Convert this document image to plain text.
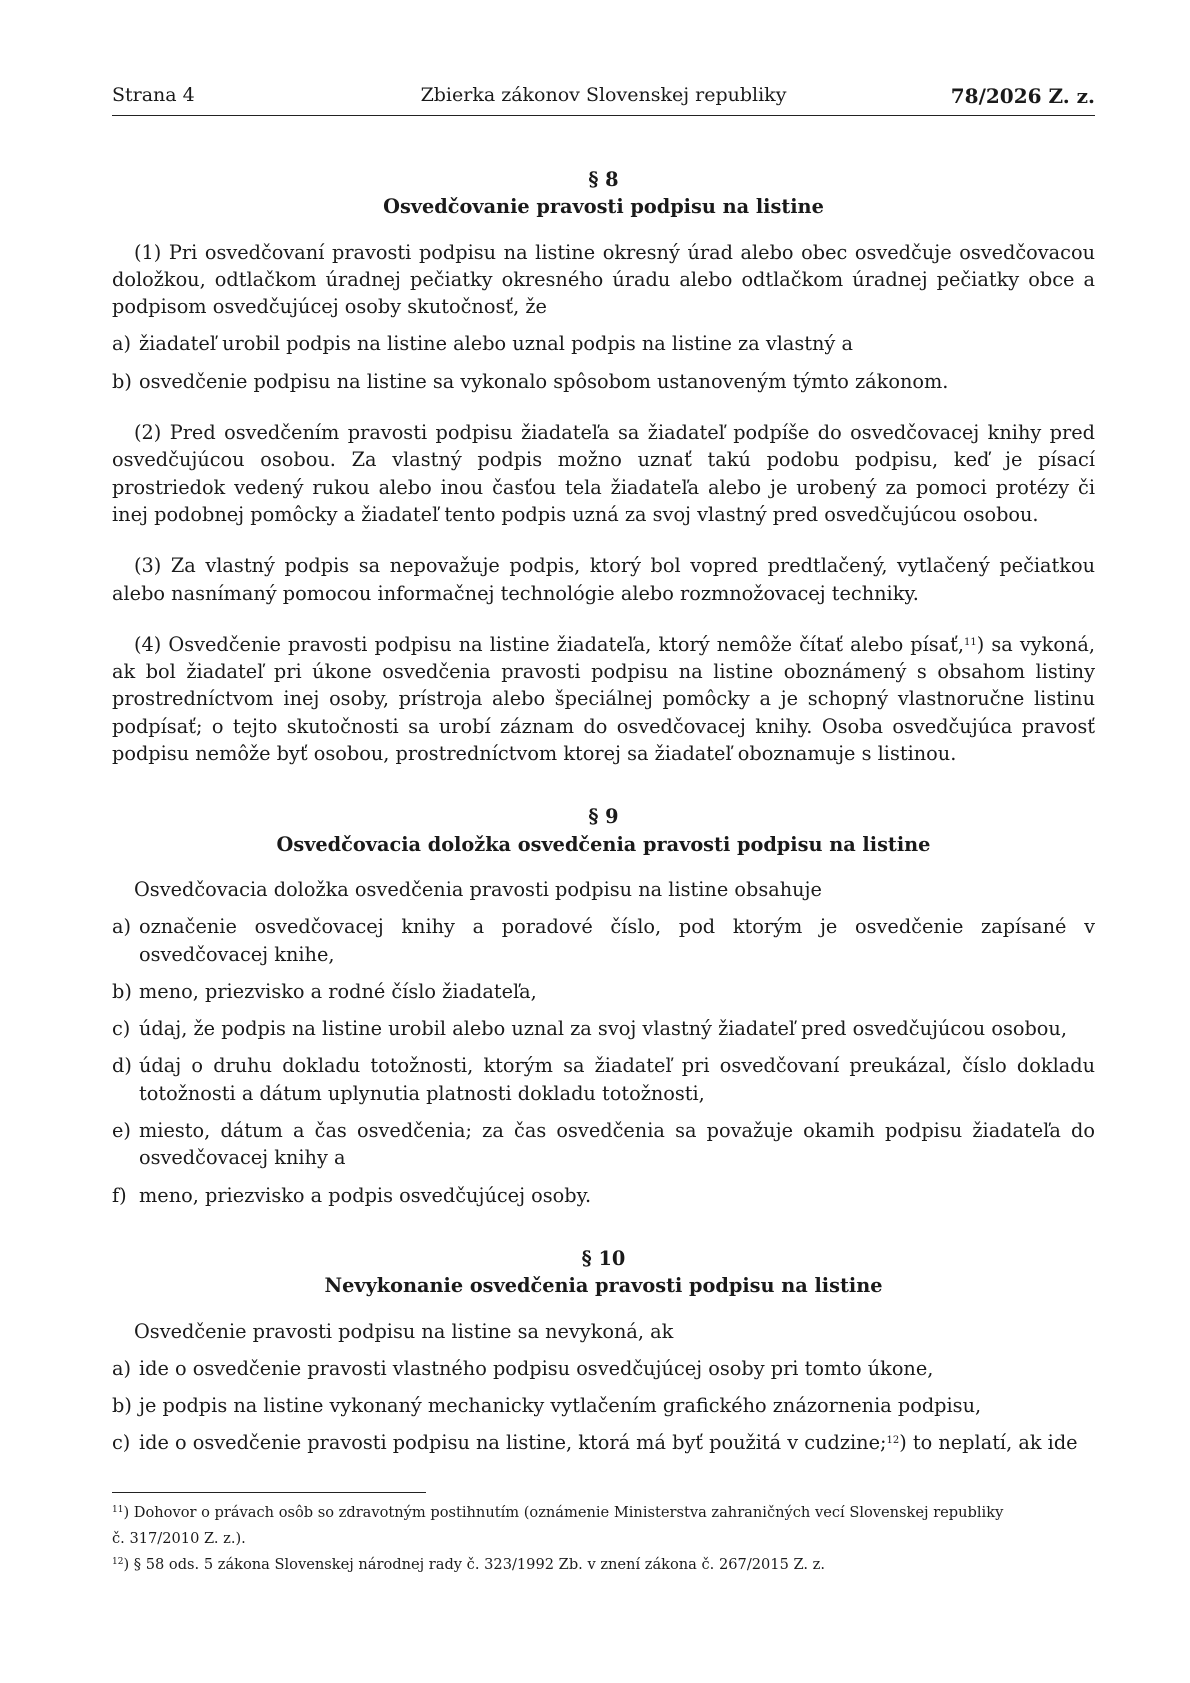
Strana 4	Zbierka zákonov Slovenskej republiky	78/2026 Z. z.

§ 8

Osvedčovanie pravosti podpisu na listine

(1) Pri osvedčovaní pravosti podpisu na listine okresný úrad alebo obec osvedčuje osvedčovacou doložkou, odtlačkom úradnej pečiatky okresného úradu alebo odtlačkom úradnej pečiatky obce a podpisom osvedčujúcej osoby skutočnosť, že

a) žiadateľ urobil podpis na listine alebo uznal podpis na listine za vlastný a
b) osvedčenie podpisu na listine sa vykonalo spôsobom ustanoveným týmto zákonom.

(2) Pred osvedčením pravosti podpisu žiadateľa sa žiadateľ podpíše do osvedčovacej knihy pred osvedčujúcou osobou. Za vlastný podpis možno uznať takú podobu podpisu, keď je písací prostriedok vedený rukou alebo inou časťou tela žiadateľa alebo je urobený za pomoci protézy či inej podobnej pomôcky a žiadateľ tento podpis uzná za svoj vlastný pred osvedčujúcou osobou.

(3) Za vlastný podpis sa nepovažuje podpis, ktorý bol vopred predtlačený, vytlačený pečiatkou alebo nasnímaný pomocou informačnej technológie alebo rozmnožovacej techniky.

(4) Osvedčenie pravosti podpisu na listine žiadateľa, ktorý nemôže čítať alebo písať,$^{11}$) sa vykoná, ak bol žiadateľ pri úkone osvedčenia pravosti podpisu na listine oboznámený s obsahom listiny prostredníctvom inej osoby, prístroja alebo špeciálnej pomôcky a je schopný vlastnoručne listinu podpísať; o tejto skutočnosti sa urobí záznam do osvedčovacej knihy. Osoba osvedčujúca pravosť podpisu nemôže byť osobou, prostredníctvom ktorej sa žiadateľ oboznamuje s listinou.

§ 9

Osvedčovacia doložka osvedčenia pravosti podpisu na listine

Osvedčovacia doložka osvedčenia pravosti podpisu na listine obsahuje

a) označenie osvedčovacej knihy a poradové číslo, pod ktorým je osvedčenie zapísané v osvedčovacej knihe,
b) meno, priezvisko a rodné číslo žiadateľa,
c) údaj, že podpis na listine urobil alebo uznal za svoj vlastný žiadateľ pred osvedčujúcou osobou,
d) údaj o druhu dokladu totožnosti, ktorým sa žiadateľ pri osvedčovaní preukázal, číslo dokladu totožnosti a dátum uplynutia platnosti dokladu totožnosti,
e) miesto, dátum a čas osvedčenia; za čas osvedčenia sa považuje okamih podpisu žiadateľa do osvedčovacej knihy a
f) meno, priezvisko a podpis osvedčujúcej osoby.

§ 10

Nevykonanie osvedčenia pravosti podpisu na listine

Osvedčenie pravosti podpisu na listine sa nevykoná, ak

a) ide o osvedčenie pravosti vlastného podpisu osvedčujúcej osoby pri tomto úkone,
b) je podpis na listine vykonaný mechanicky vytlačením grafického znázornenia podpisu,
c) ide o osvedčenie pravosti podpisu na listine, ktorá má byť použitá v cudzine;$^{12}$) to neplatí, ak ide

$^{11}$) Dohovor o právach osôb so zdravotným postihnutím (oznámenie Ministerstva zahraničných vecí Slovenskej republiky

č. 317/2010 Z. z.).

$^{12}$) § 58 ods. 5 zákona Slovenskej národnej rady č. 323/1992 Zb. v znení zákona č. 267/2015 Z. z.
